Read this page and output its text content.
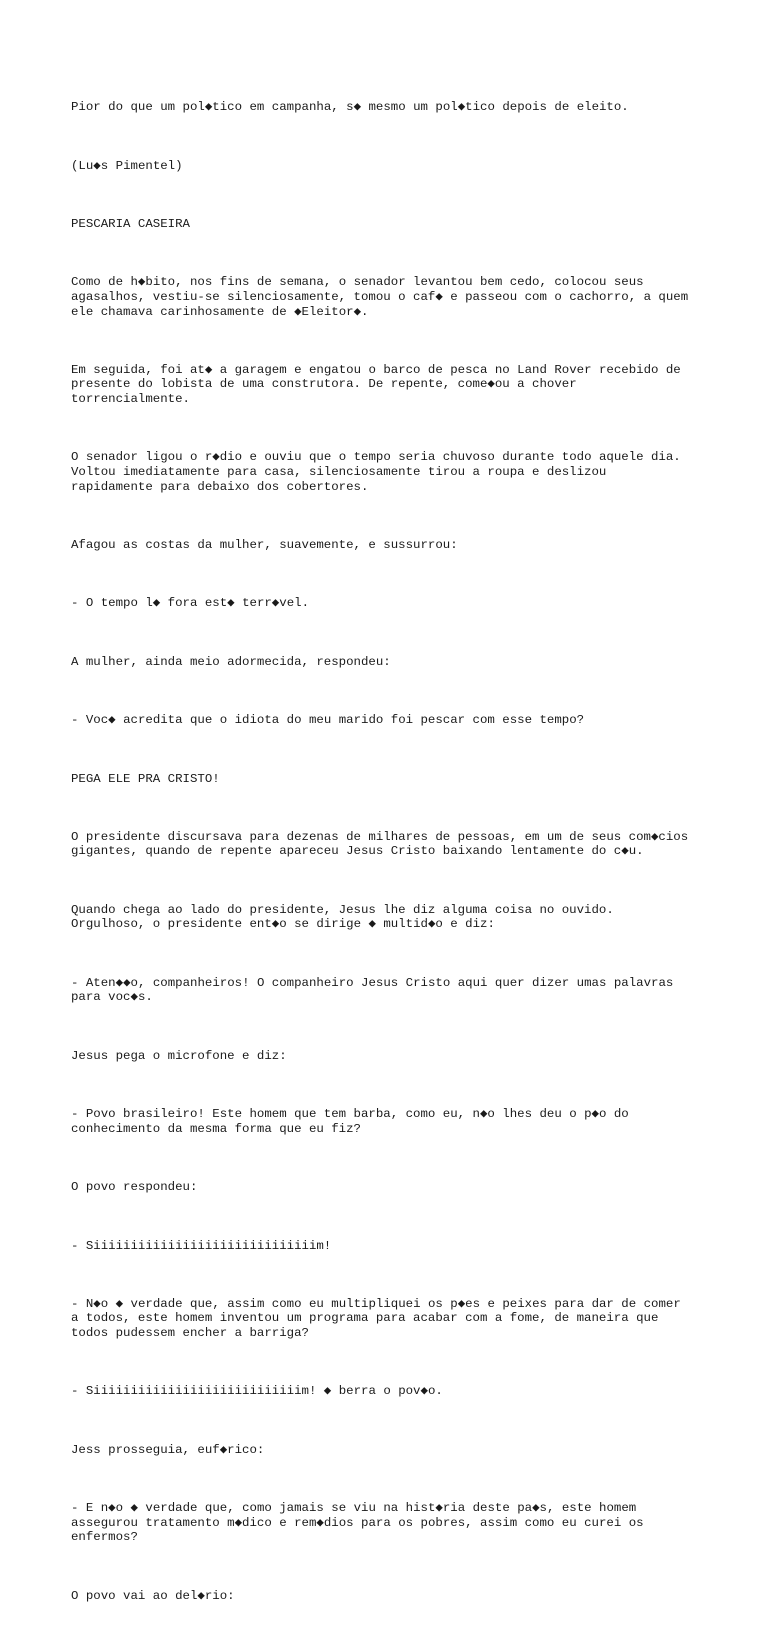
Pior do que um pol◆tico em campanha, s◆ mesmo um pol◆tico depois de eleito.

(Lu◆s Pimentel)

PESCARIA CASEIRA

Como de h◆bito, nos fins de semana, o senador levantou bem cedo, colocou seus
agasalhos, vestiu-se silenciosamente, tomou o caf◆ e passeou com o cachorro, a quem
ele chamava carinhosamente de ◆Eleitor◆.

Em seguida, foi at◆ a garagem e engatou o barco de pesca no Land Rover recebido de
presente do lobista de uma construtora. De repente, come◆ou a chover
torrencialmente.

O senador ligou o r◆dio e ouviu que o tempo seria chuvoso durante todo aquele dia.
Voltou imediatamente para casa, silenciosamente tirou a roupa e deslizou
rapidamente para debaixo dos cobertores.

Afagou as costas da mulher, suavemente, e sussurrou:

- O tempo l◆ fora est◆ terr◆vel.

A mulher, ainda meio adormecida, respondeu:

- Voc◆ acredita que o idiota do meu marido foi pescar com esse tempo?

PEGA ELE PRA CRISTO!

O presidente discursava para dezenas de milhares de pessoas, em um de seus com◆cios
gigantes, quando de repente apareceu Jesus Cristo baixando lentamente do c◆u.

Quando chega ao lado do presidente, Jesus lhe diz alguma coisa no ouvido.
Orgulhoso, o presidente ent◆o se dirige ◆ multid◆o e diz:

- Aten◆◆o, companheiros! O companheiro Jesus Cristo aqui quer dizer umas palavras
para voc◆s.

Jesus pega o microfone e diz:

- Povo brasileiro! Este homem que tem barba, como eu, n◆o lhes deu o p◆o do
conhecimento da mesma forma que eu fiz?

O povo respondeu:

- Siiiiiiiiiiiiiiiiiiiiiiiiiiiiiim!

- N◆o ◆ verdade que, assim como eu multipliquei os p◆es e peixes para dar de comer
a todos, este homem inventou um programa para acabar com a fome, de maneira que
todos pudessem encher a barriga?

- Siiiiiiiiiiiiiiiiiiiiiiiiiiiim! ◆ berra o pov◆o.

Jess prosseguia, euf◆rico:

- E n◆o ◆ verdade que, como jamais se viu na hist◆ria deste pa◆s, este homem
assegurou tratamento m◆dico e rem◆dios para os pobres, assim como eu curei os
enfermos?

O povo vai ao del◆rio:
